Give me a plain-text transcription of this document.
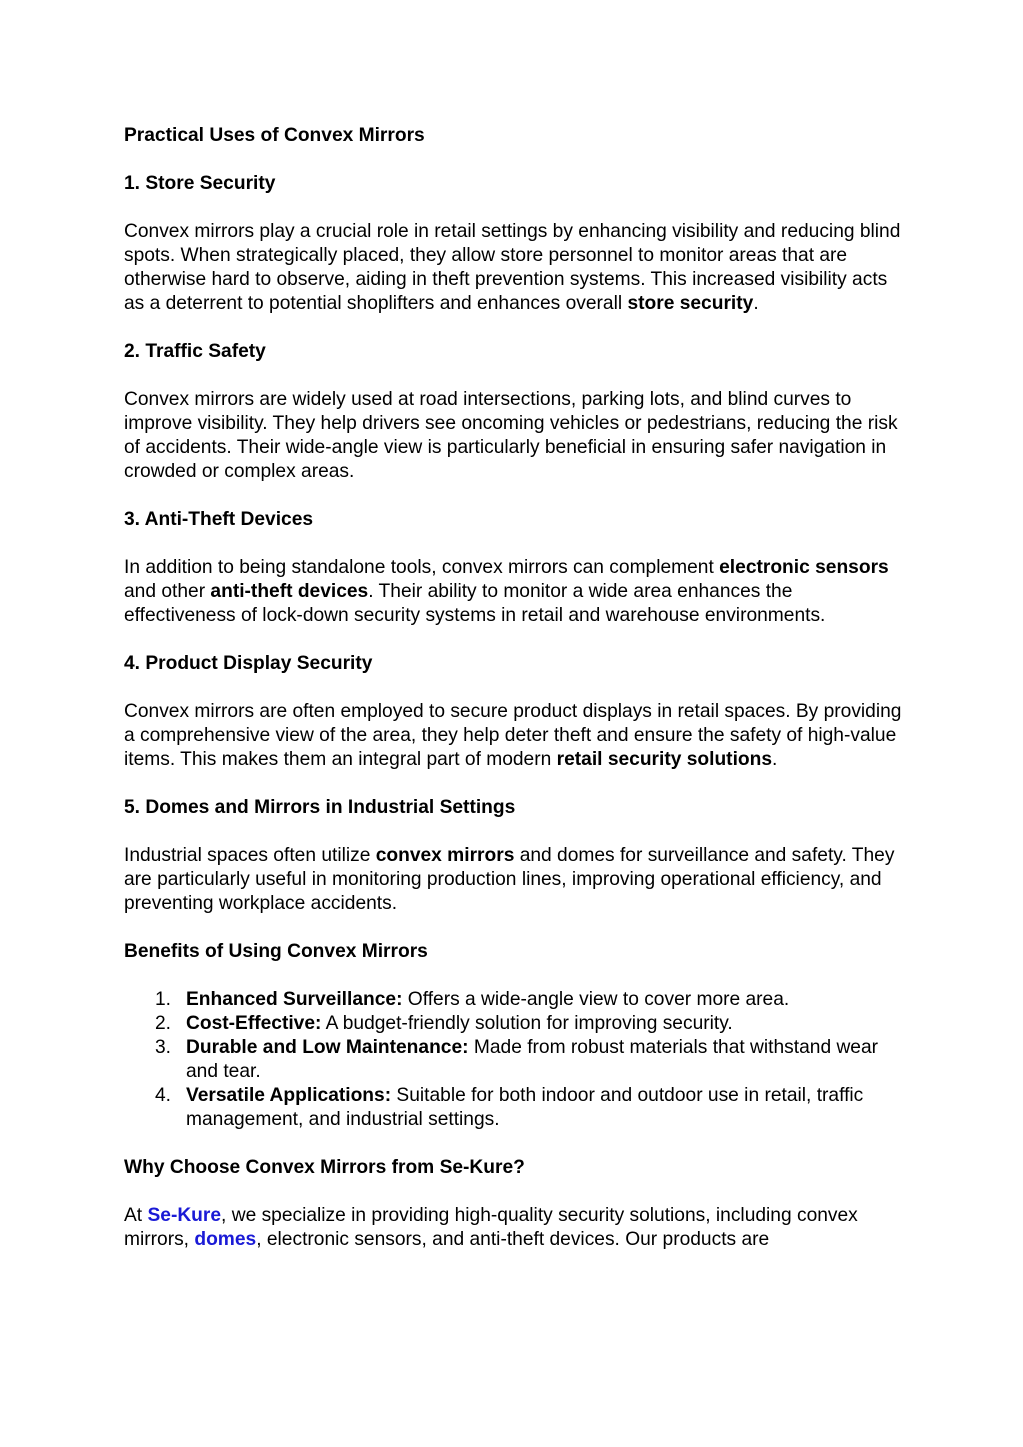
Practical Uses of Convex Mirrors
1. Store Security
Convex mirrors play a crucial role in retail settings by enhancing visibility and reducing blind spots. When strategically placed, they allow store personnel to monitor areas that are otherwise hard to observe, aiding in theft prevention systems. This increased visibility acts as a deterrent to potential shoplifters and enhances overall store security.
2. Traffic Safety
Convex mirrors are widely used at road intersections, parking lots, and blind curves to improve visibility. They help drivers see oncoming vehicles or pedestrians, reducing the risk of accidents. Their wide-angle view is particularly beneficial in ensuring safer navigation in crowded or complex areas.
3. Anti-Theft Devices
In addition to being standalone tools, convex mirrors can complement electronic sensors and other anti-theft devices. Their ability to monitor a wide area enhances the effectiveness of lock-down security systems in retail and warehouse environments.
4. Product Display Security
Convex mirrors are often employed to secure product displays in retail spaces. By providing a comprehensive view of the area, they help deter theft and ensure the safety of high-value items. This makes them an integral part of modern retail security solutions.
5. Domes and Mirrors in Industrial Settings
Industrial spaces often utilize convex mirrors and domes for surveillance and safety. They are particularly useful in monitoring production lines, improving operational efficiency, and preventing workplace accidents.
Benefits of Using Convex Mirrors
1. Enhanced Surveillance: Offers a wide-angle view to cover more area.
2. Cost-Effective: A budget-friendly solution for improving security.
3. Durable and Low Maintenance: Made from robust materials that withstand wear and tear.
4. Versatile Applications: Suitable for both indoor and outdoor use in retail, traffic management, and industrial settings.
Why Choose Convex Mirrors from Se-Kure?
At Se-Kure, we specialize in providing high-quality security solutions, including convex mirrors, domes, electronic sensors, and anti-theft devices. Our products are
